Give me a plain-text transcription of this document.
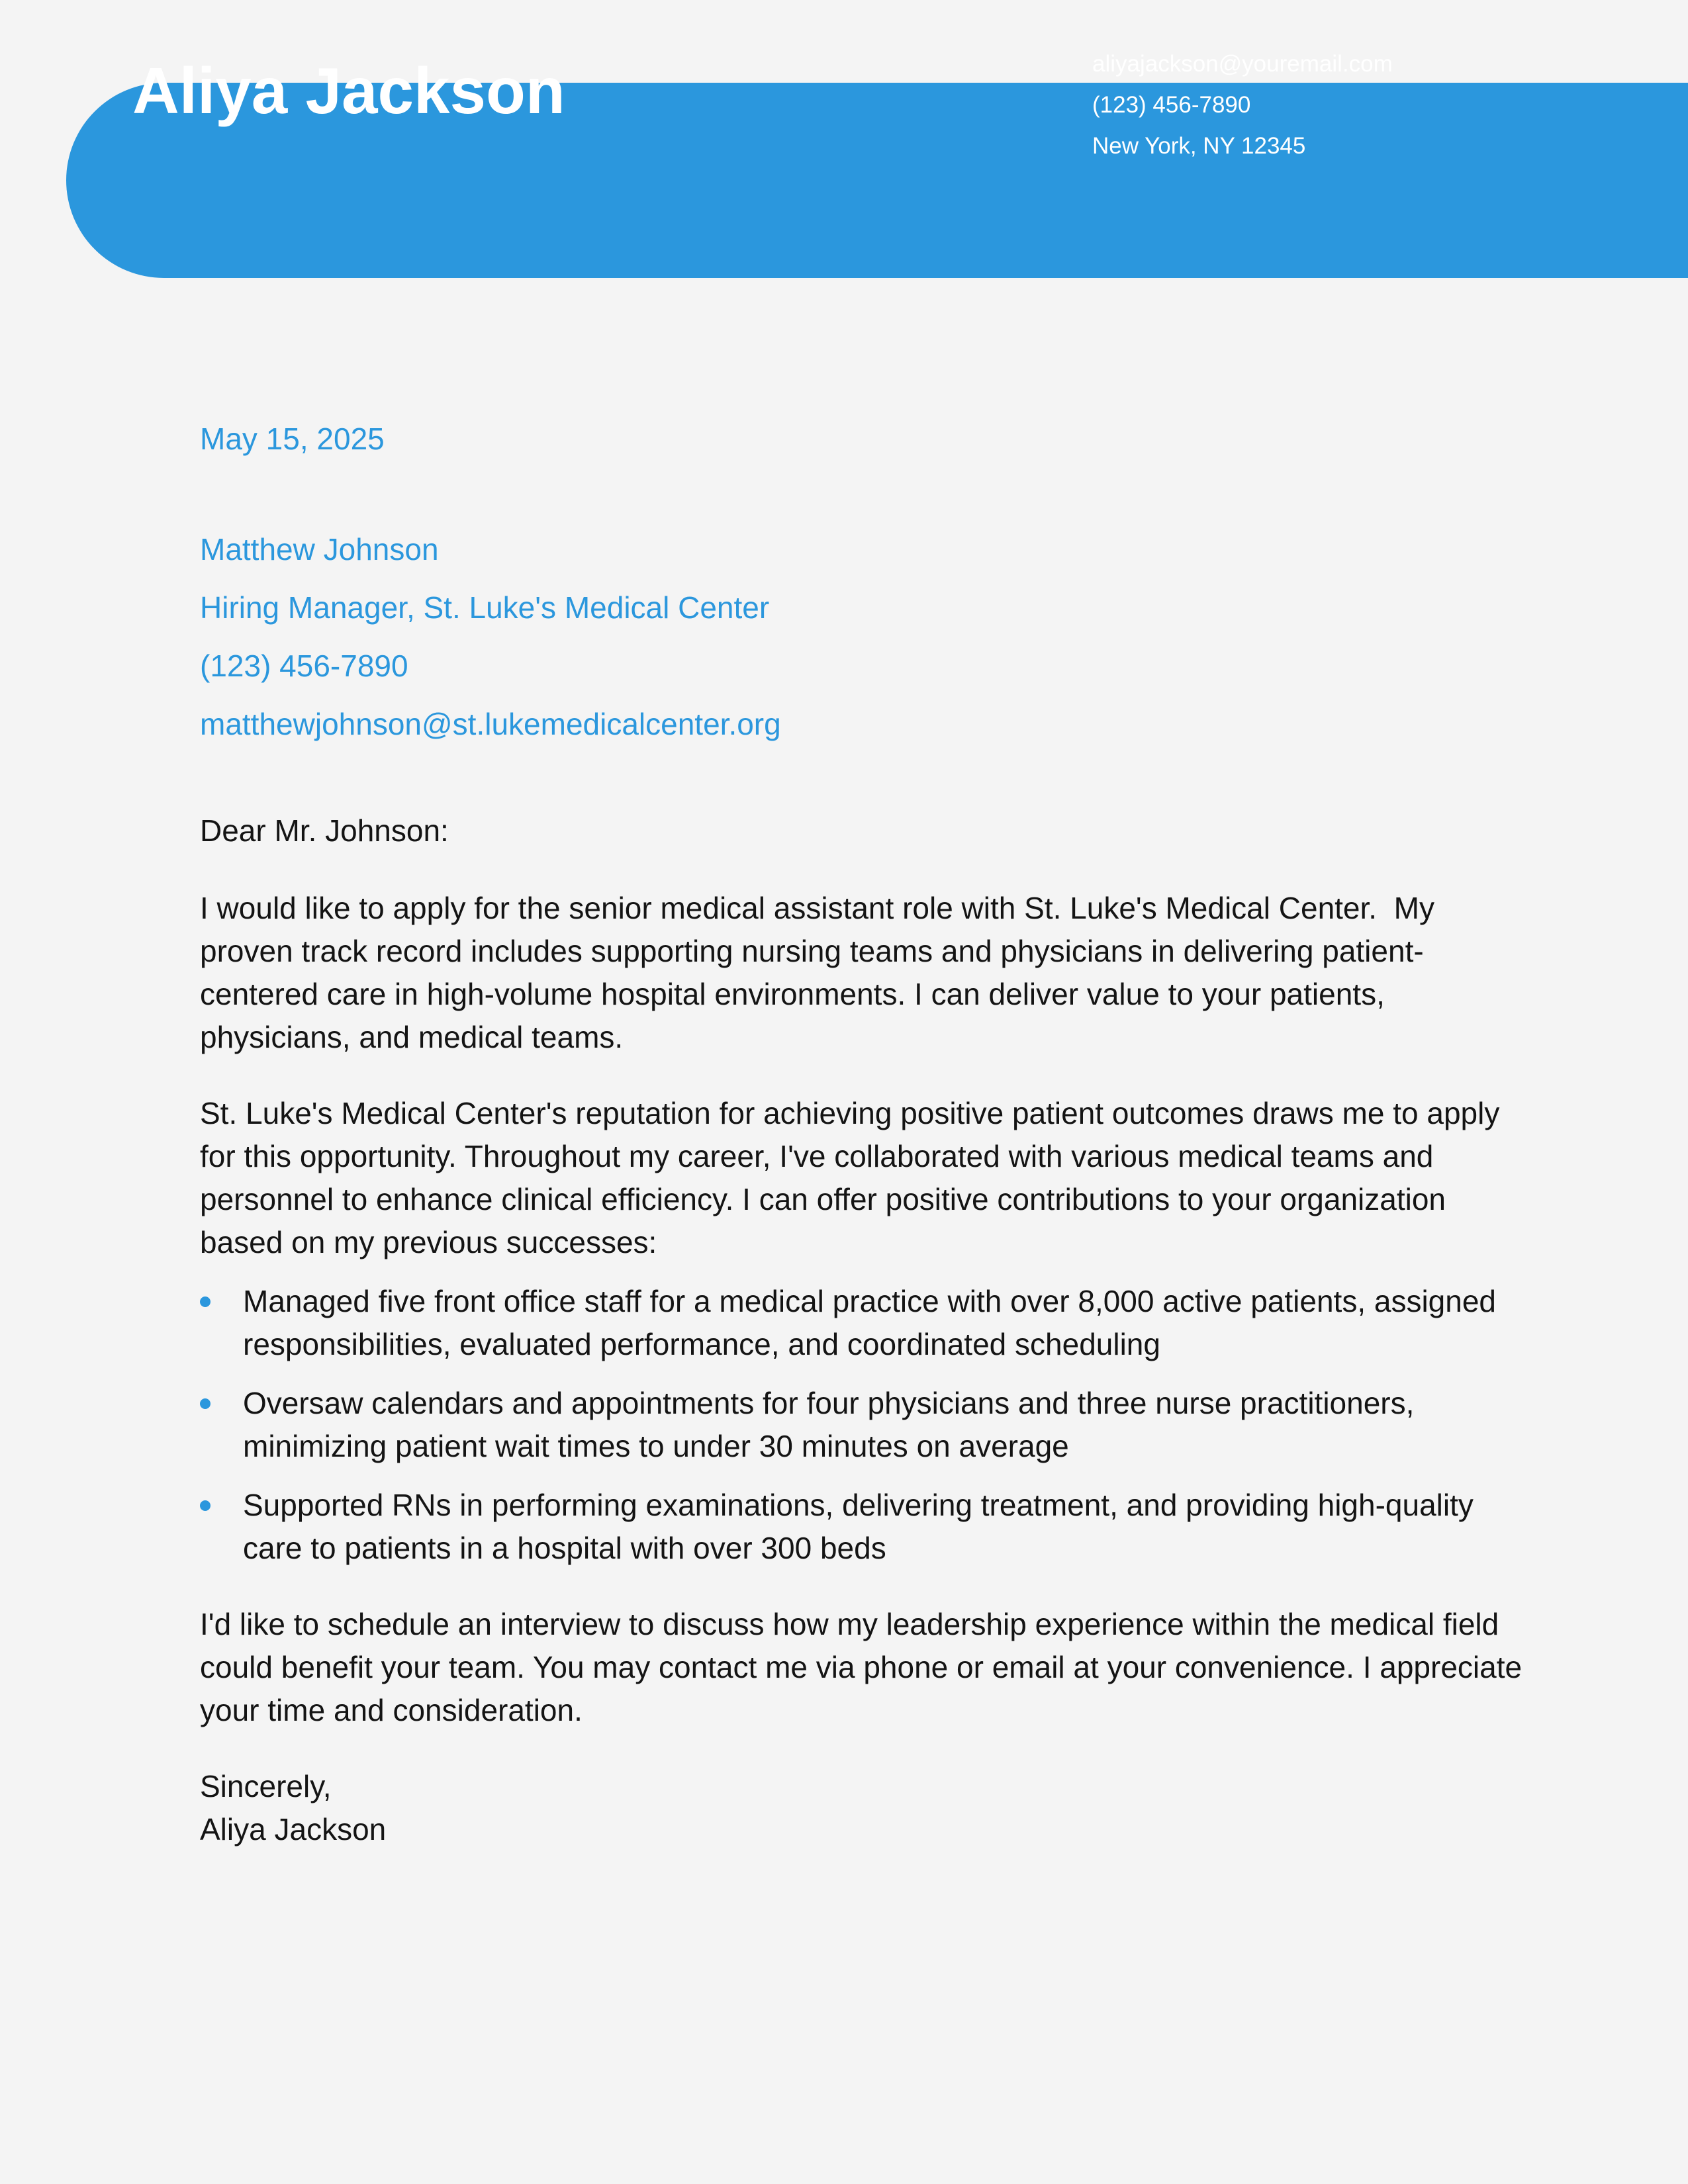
Aliya Jackson	aliyajackson@youremail.com
(123) 456-7890
New York, NY 12345

May 15, 2025

Matthew Johnson
Hiring Manager, St. Luke's Medical Center
(123) 456-7890
matthewjohnson@st.lukemedicalcenter.org

Dear Mr. Johnson:

I would like to apply for the senior medical assistant role with St. Luke's Medical Center.  My proven track record includes supporting nursing teams and physicians in delivering patient-centered care in high-volume hospital environments. I can deliver value to your patients, physicians, and medical teams.

St. Luke's Medical Center's reputation for achieving positive patient outcomes draws me to apply for this opportunity. Throughout my career, I've collaborated with various medical teams and personnel to enhance clinical efficiency. I can offer positive contributions to your organization based on my previous successes:

Managed five front office staff for a medical practice with over 8,000 active patients, assigned responsibilities, evaluated performance, and coordinated scheduling
Oversaw calendars and appointments for four physicians and three nurse practitioners, minimizing patient wait times to under 30 minutes on average
Supported RNs in performing examinations, delivering treatment, and providing high-quality care to patients in a hospital with over 300 beds

I'd like to schedule an interview to discuss how my leadership experience within the medical field could benefit your team. You may contact me via phone or email at your convenience. I appreciate your time and consideration.

Sincerely,
Aliya Jackson
